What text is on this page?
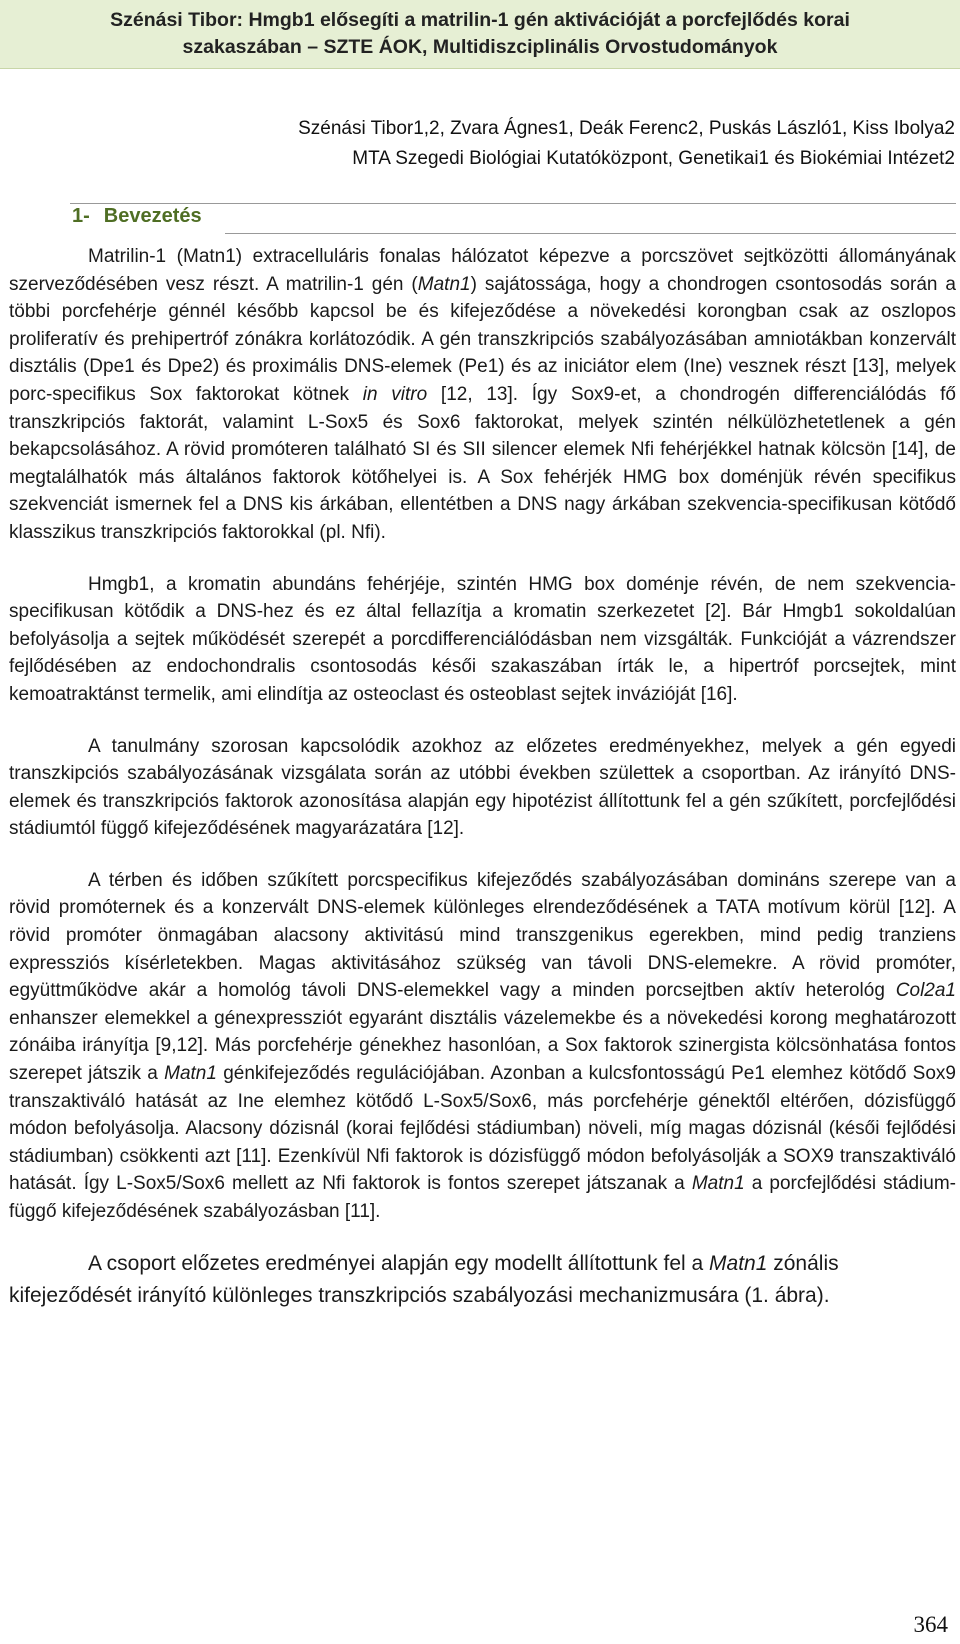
Szénási Tibor: Hmgb1 elősegíti a matrilin-1 gén aktivációját a porcfejlődés korai
szakaszában – SZTE ÁOK, Multidiszciplinális Orvostudományok
Szénási Tibor1,2, Zvara Ágnes1, Deák Ferenc2, Puskás László1, Kiss Ibolya2
MTA Szegedi Biológiai Kutatóközpont, Genetikai1 és Biokémiai Intézet2
1- Bevezetés

Matrilin-1 (Matn1) extracelluláris fonalas hálózatot képezve a porcszövet sejtközötti állományának szerveződésében vesz részt. A matrilin-1 gén (Matn1) sajátossága, hogy a chondrogen csontosodás során a többi porcfehérje génnél később kapcsol be és kifejeződése a növekedési korongban csak az oszlopos proliferatív és prehipertróf zónákra korlátozódik. A gén transzkripciós szabályozásában amniotákban konzervált disztális (Dpe1 és Dpe2) és proximális DNS-elemek (Pe1) és az iniciátor elem (Ine) vesznek részt [13], melyek porc-specifikus Sox faktorokat kötnek in vitro [12, 13]. Így Sox9-et, a chondrogén differenciálódás fő transzkripciós faktorát, valamint L-Sox5 és Sox6 faktorokat, melyek szintén nélkülözhetetlenek a gén bekapcsolásához. A rövid promóteren található SI és SII silencer elemek Nfi fehérjékkel hatnak kölcsön [14], de megtalálhatók más általános faktorok kötőhelyei is. A Sox fehérjék HMG box doménjük révén specifikus szekvenciát ismernek fel a DNS kis árkában, ellentétben a DNS nagy árkában szekvencia-specifikusan kötődő klasszikus transzkripciós faktorokkal (pl. Nfi).

Hmgb1, a kromatin abundáns fehérjéje, szintén HMG box doménje révén, de nem szekvencia-specifikusan kötődik a DNS-hez és ez által fellazítja a kromatin szerkezetet [2]. Bár Hmgb1 sokoldalúan befolyásolja a sejtek működését szerepét a porcdifferenciálódásban nem vizsgálták. Funkcióját a vázrendszer fejlődésében az endochondralis csontosodás késői szakaszában írták le, a hipertróf porcsejtek, mint kemoatraktánst termelik, ami elindítja az osteoclast és osteoblast sejtek invázióját [16].

A tanulmány szorosan kapcsolódik azokhoz az előzetes eredményekhez, melyek a gén egyedi transzkipciós szabályozásának vizsgálata során az utóbbi években születtek a csoportban. Az irányító DNS-elemek és transzkripciós faktorok azonosítása alapján egy hipotézist állítottunk fel a gén szűkített, porcfejlődési stádiumtól függő kifejeződésének magyarázatára [12].

A térben és időben szűkített porcspecifikus kifejeződés szabályozásában domináns szerepe van a rövid promóternek és a konzervált DNS-elemek különleges elrendeződésének a TATA motívum körül [12]. A rövid promóter önmagában alacsony aktivitású mind transzgenikus egerekben, mind pedig tranziens expressziós kísérletekben. Magas aktivitásához szükség van távoli DNS-elemekre. A rövid promóter, együttműködve akár a homológ távoli DNS-elemekkel vagy a minden porcsejtben aktív heterológ Col2a1 enhanszer elemekkel a génexpressziót egyaránt disztális vázelemekbe és a növekedési korong meghatározott zónáiba irányítja [9,12]. Más porcfehérje génekhez hasonlóan, a Sox faktorok szinergista kölcsönhatása fontos szerepet játszik a Matn1 génkifejeződés regulációjában. Azonban a kulcsfontosságú Pe1 elemhez kötődő Sox9 transzaktiváló hatását az Ine elemhez kötődő L-Sox5/Sox6, más porcfehérje génektől eltérően, dózisfüggő módon befolyásolja. Alacsony dózisnál (korai fejlődési stádiumban) növeli, míg magas dózisnál (késői fejlődési stádiumban) csökkenti azt [11]. Ezenkívül Nfi faktorok is dózisfüggő módon befolyásolják a SOX9 transzaktiváló hatását. Így L-Sox5/Sox6 mellett az Nfi faktorok is fontos szerepet játszanak a Matn1 a porcfejlődési stádium-függő kifejeződésének szabályozásban [11].

A csoport előzetes eredményei alapján egy modellt állítottunk fel a Matn1 zónális kifejeződését irányító különleges transzkripciós szabályozási mechanizmusára (1. ábra).

364
